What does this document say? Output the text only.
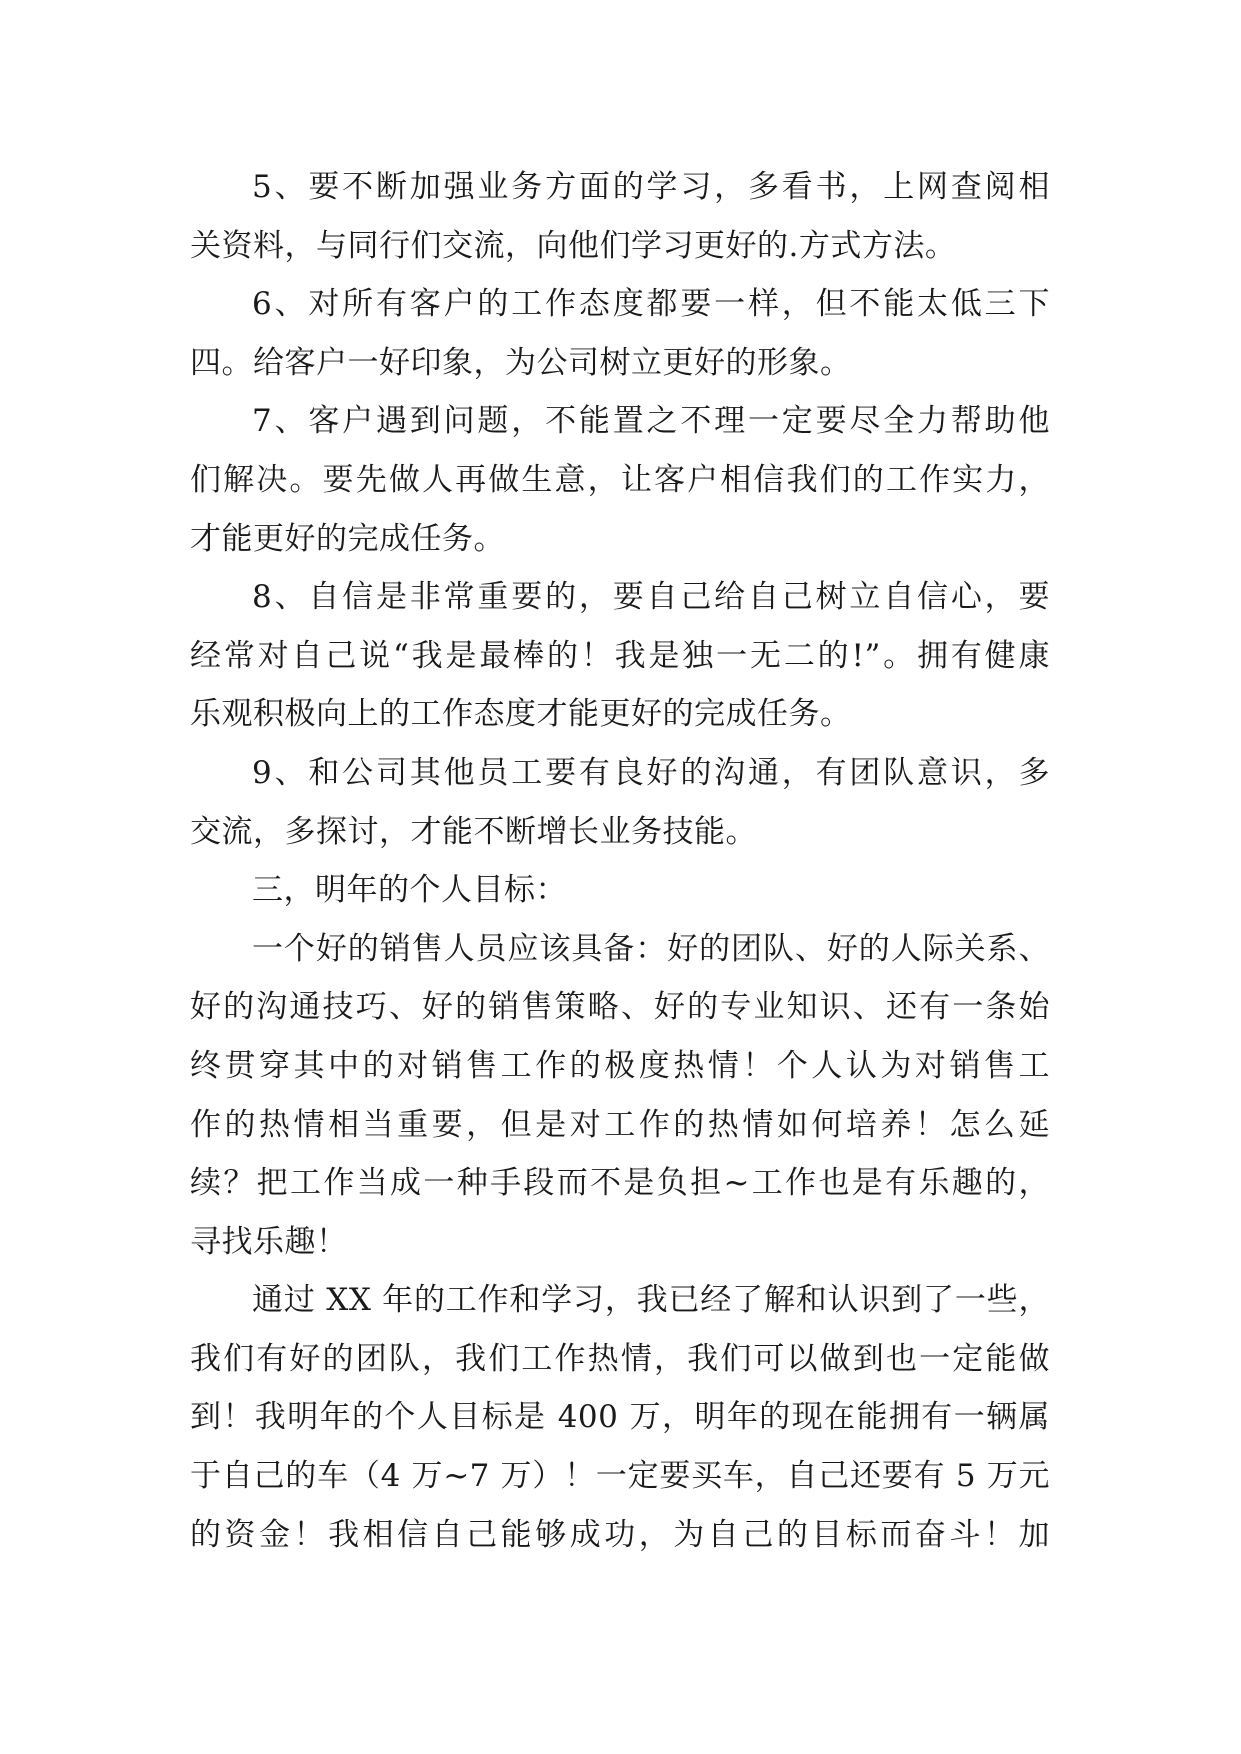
5、要不断加强业务方面的学习，多看书，上网查阅相
关资料，与同行们交流，向他们学习更好的.方式方法。
6、对所有客户的工作态度都要一样，但不能太低三下
四。给客户一好印象，为公司树立更好的形象。
7、客户遇到问题，不能置之不理一定要尽全力帮助他
们解决。要先做人再做生意，让客户相信我们的工作实力，
才能更好的完成任务。
8、自信是非常重要的，要自己给自己树立自信心，要
经常对自己说“我是最棒的！我是独一无二的!”。拥有健康
乐观积极向上的工作态度才能更好的完成任务。
9、和公司其他员工要有良好的沟通，有团队意识，多
交流，多探讨，才能不断增长业务技能。
三，明年的个人目标：
一个好的销售人员应该具备：好的团队、好的人际关系、
好的沟通技巧、好的销售策略、好的专业知识、还有一条始
终贯穿其中的对销售工作的极度热情！个人认为对销售工
作的热情相当重要，但是对工作的热情如何培养！怎么延
续？把工作当成一种手段而不是负担~工作也是有乐趣的，
寻找乐趣！
通过 XX 年的工作和学习，我已经了解和认识到了一些，
我们有好的团队，我们工作热情，我们可以做到也一定能做
到！我明年的个人目标是 400 万，明年的现在能拥有一辆属
于自己的车（4 万~7 万）！一定要买车，自己还要有 5 万元
的资金！我相信自己能够成功，为自己的目标而奋斗！加
